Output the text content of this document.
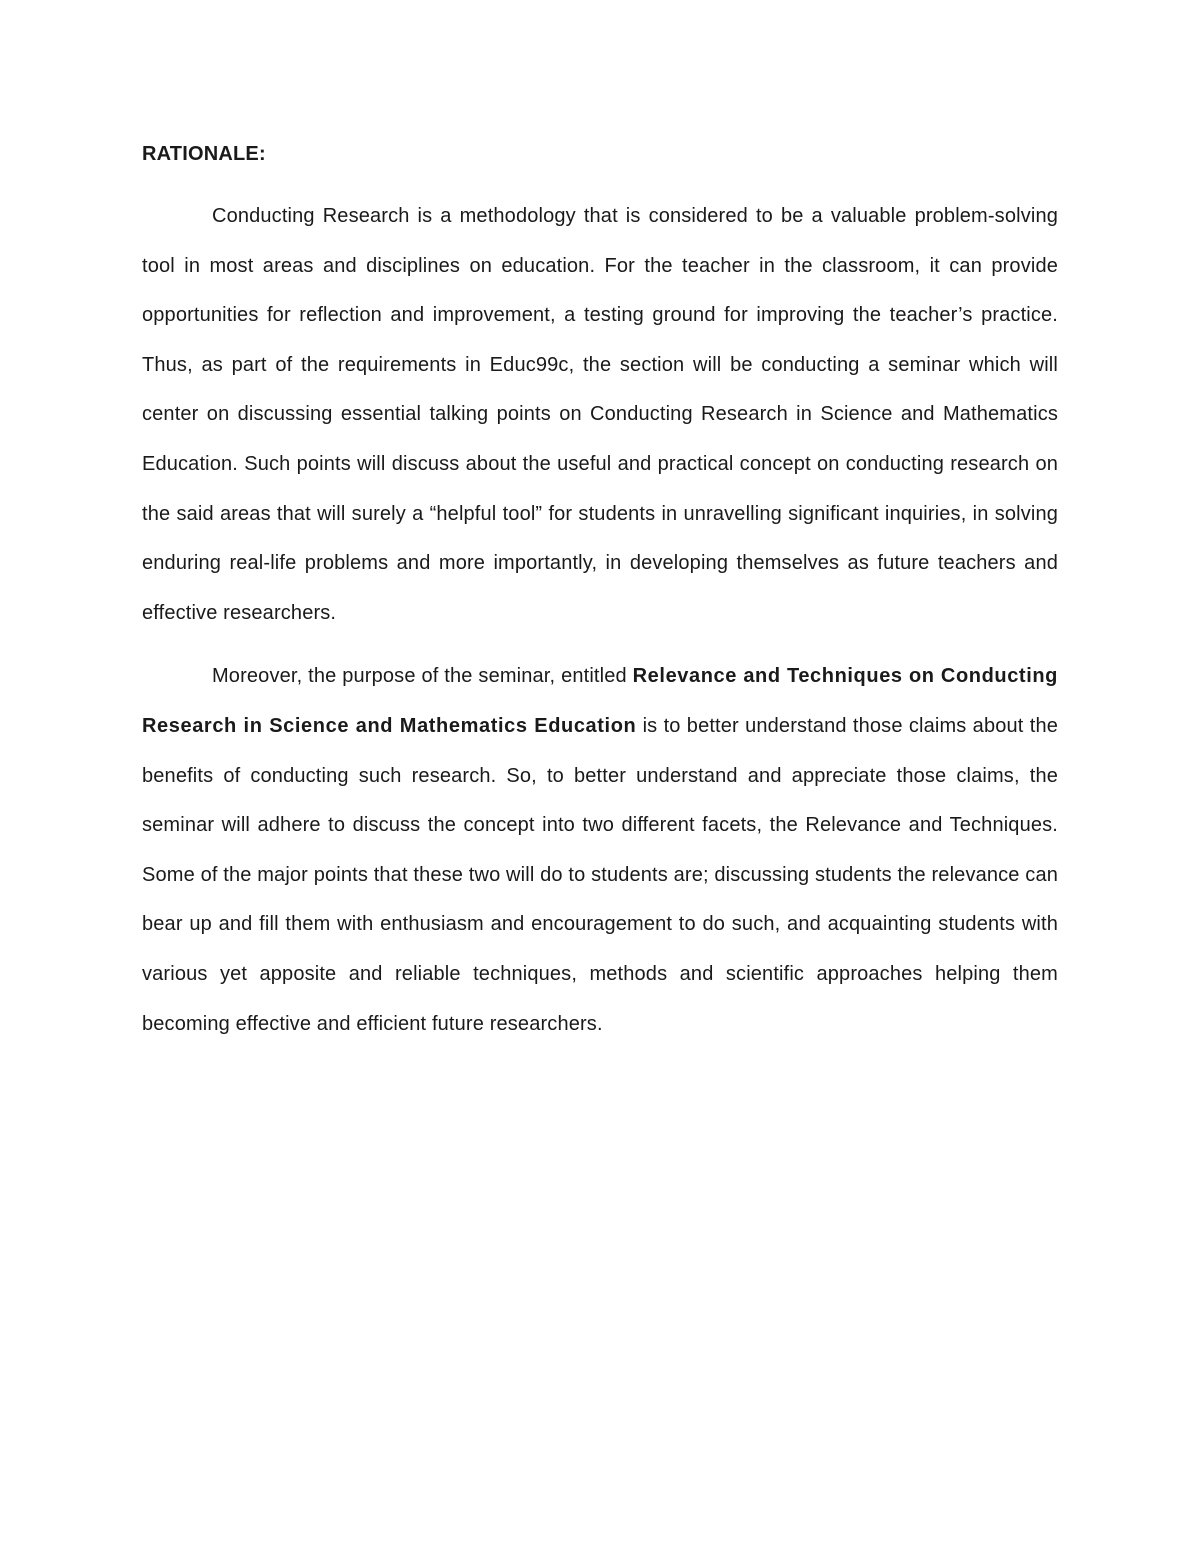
RATIONALE:

Conducting Research is a methodology that is considered to be a valuable problem-solving tool in most areas and disciplines on education. For the teacher in the classroom, it can provide opportunities for reflection and improvement, a testing ground for improving the teacher’s practice. Thus, as part of the requirements in Educ99c, the section will be conducting a seminar which will center on discussing essential talking points on Conducting Research in Science and Mathematics Education. Such points will discuss about the useful and practical concept on conducting research on the said areas that will surely a “helpful tool” for students in unravelling significant inquiries, in solving enduring real-life problems and more importantly, in developing themselves as future teachers and effective researchers.

Moreover, the purpose of the seminar, entitled Relevance and Techniques on Conducting Research in Science and Mathematics Education is to better understand those claims about the benefits of conducting such research. So, to better understand and appreciate those claims, the seminar will adhere to discuss the concept into two different facets, the Relevance and Techniques. Some of the major points that these two will do to students are; discussing students the relevance can bear up and fill them with enthusiasm and encouragement to do such, and acquainting students with various yet apposite and reliable techniques, methods and scientific approaches helping them becoming effective and efficient future researchers.
